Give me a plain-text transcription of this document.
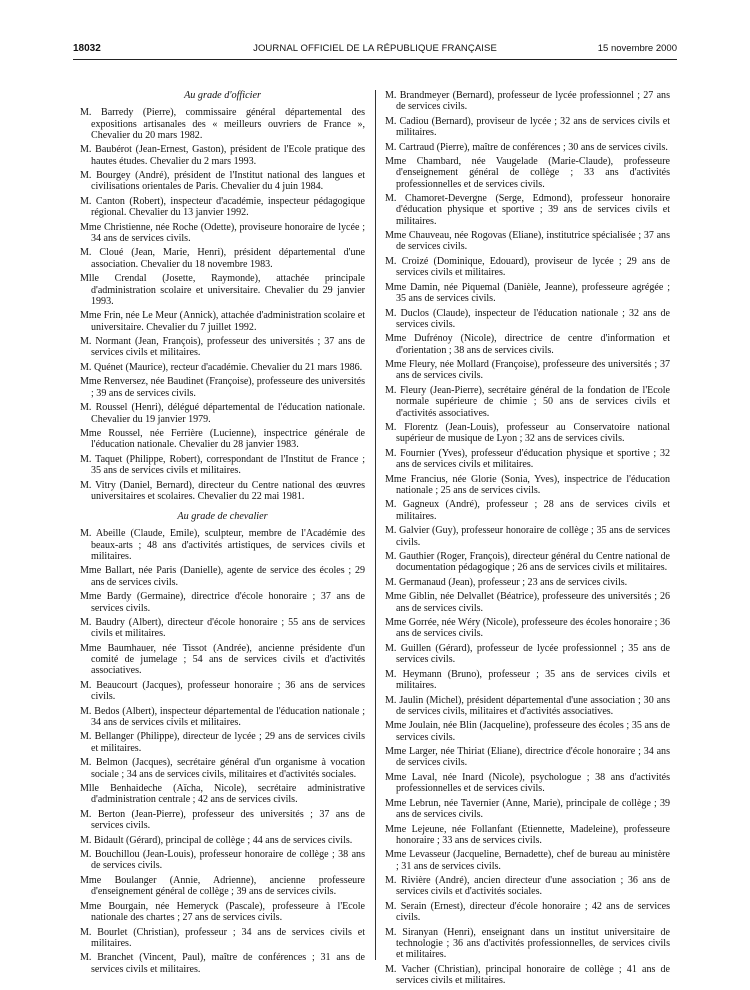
18032	JOURNAL OFFICIEL DE LA RÉPUBLIQUE FRANÇAISE	15 novembre 2000
Au grade d'officier

M. Barredy (Pierre), commissaire général départemental des expositions artisanales des « meilleurs ouvriers de France », Chevalier du 20 mars 1982.

M. Baubérot (Jean-Ernest, Gaston), président de l'Ecole pratique des hautes études. Chevalier du 2 mars 1993.

M. Bourgey (André), président de l'Institut national des langues et civilisations orientales de Paris. Chevalier du 4 juin 1984.

M. Canton (Robert), inspecteur d'académie, inspecteur pédagogique régional. Chevalier du 13 janvier 1992.

Mme Christienne, née Roche (Odette), proviseure honoraire de lycée ; 34 ans de services civils.

M. Cloué (Jean, Marie, Henri), président départemental d'une association. Chevalier du 18 novembre 1983.

Mlle Crendal (Josette, Raymonde), attachée principale d'administration scolaire et universitaire. Chevalier du 29 janvier 1993.

Mme Frin, née Le Meur (Annick), attachée d'administration scolaire et universitaire. Chevalier du 7 juillet 1992.

M. Normant (Jean, François), professeur des universités ; 37 ans de services civils et militaires.

M. Quénet (Maurice), recteur d'académie. Chevalier du 21 mars 1986.

Mme Renversez, née Baudinet (Françoise), professeure des universités ; 39 ans de services civils.

M. Roussel (Henri), délégué départemental de l'éducation nationale. Chevalier du 19 janvier 1979.

Mme Roussel, née Ferrière (Lucienne), inspectrice générale de l'éducation nationale. Chevalier du 28 janvier 1983.

M. Taquet (Philippe, Robert), correspondant de l'Institut de France ; 35 ans de services civils et militaires.

M. Vitry (Daniel, Bernard), directeur du Centre national des œuvres universitaires et scolaires. Chevalier du 22 mai 1981.

Au grade de chevalier

M. Abeille (Claude, Emile), sculpteur, membre de l'Académie des beaux-arts ; 48 ans d'activités artistiques, de services civils et militaires.

Mme Ballart, née Paris (Danielle), agente de service des écoles ; 29 ans de services civils.

Mme Bardy (Germaine), directrice d'école honoraire ; 37 ans de services civils.

M. Baudry (Albert), directeur d'école honoraire ; 55 ans de services civils et militaires.

Mme Baumhauer, née Tissot (Andrée), ancienne présidente d'un comité de jumelage ; 54 ans de services civils et d'activités associatives.

M. Beaucourt (Jacques), professeur honoraire ; 36 ans de services civils.

M. Bedos (Albert), inspecteur départemental de l'éducation nationale ; 34 ans de services civils et militaires.

M. Bellanger (Philippe), directeur de lycée ; 29 ans de services civils et militaires.

M. Belmon (Jacques), secrétaire général d'un organisme à vocation sociale ; 34 ans de services civils, militaires et d'activités sociales.

Mlle Benhaideche (Aïcha, Nicole), secrétaire administrative d'administration centrale ; 42 ans de services civils.

M. Berton (Jean-Pierre), professeur des universités ; 37 ans de services civils.

M. Bidault (Gérard), principal de collège ; 44 ans de services civils.

M. Bouchillou (Jean-Louis), professeur honoraire de collège ; 38 ans de services civils.

Mme Boulanger (Annie, Adrienne), ancienne professeure d'enseignement général de collège ; 39 ans de services civils.

Mme Bourgain, née Hemeryck (Pascale), professeure à l'Ecole nationale des chartes ; 27 ans de services civils.

M. Bourlet (Christian), professeur ; 34 ans de services civils et militaires.

M. Branchet (Vincent, Paul), maître de conférences ; 31 ans de services civils et militaires.

M. Brandmeyer (Bernard), professeur de lycée professionnel ; 27 ans de services civils.

M. Cadiou (Bernard), proviseur de lycée ; 32 ans de services civils et militaires.

M. Cartraud (Pierre), maître de conférences ; 30 ans de services civils.

Mme Chambard, née Vaugelade (Marie-Claude), professeure d'enseignement général de collège ; 33 ans d'activités professionnelles et de services civils.

M. Chamoret-Devergne (Serge, Edmond), professeur honoraire d'éducation physique et sportive ; 39 ans de services civils et militaires.

Mme Chauveau, née Rogovas (Eliane), institutrice spécialisée ; 37 ans de services civils.

M. Croizé (Dominique, Edouard), proviseur de lycée ; 29 ans de services civils et militaires.

Mme Damin, née Piquemal (Danièle, Jeanne), professeure agrégée ; 35 ans de services civils.

M. Duclos (Claude), inspecteur de l'éducation nationale ; 32 ans de services civils.

Mme Dufrénoy (Nicole), directrice de centre d'information et d'orientation ; 38 ans de services civils.

Mme Fleury, née Mollard (Françoise), professeure des universités ; 37 ans de services civils.

M. Fleury (Jean-Pierre), secrétaire général de la fondation de l'Ecole normale supérieure de chimie ; 50 ans de services civils et d'activités associatives.

M. Florentz (Jean-Louis), professeur au Conservatoire national supérieur de musique de Lyon ; 32 ans de services civils.

M. Fournier (Yves), professeur d'éducation physique et sportive ; 32 ans de services civils et militaires.

Mme Francius, née Glorie (Sonia, Yves), inspectrice de l'éducation nationale ; 25 ans de services civils.

M. Gagneux (André), professeur ; 28 ans de services civils et militaires.

M. Galvier (Guy), professeur honoraire de collège ; 35 ans de services civils.

M. Gauthier (Roger, François), directeur général du Centre national de documentation pédagogique ; 26 ans de services civils et militaires.

M. Germanaud (Jean), professeur ; 23 ans de services civils.

Mme Giblin, née Delvallet (Béatrice), professeure des universités ; 26 ans de services civils.

Mme Gorrée, née Wéry (Nicole), professeure des écoles honoraire ; 36 ans de services civils.

M. Guillen (Gérard), professeur de lycée professionnel ; 35 ans de services civils.

M. Heymann (Bruno), professeur ; 35 ans de services civils et militaires.

M. Jaulin (Michel), président départemental d'une association ; 30 ans de services civils, militaires et d'activités associatives.

Mme Joulain, née Blin (Jacqueline), professeure des écoles ; 35 ans de services civils.

Mme Larger, née Thiriat (Eliane), directrice d'école honoraire ; 34 ans de services civils.

Mme Laval, née Inard (Nicole), psychologue ; 38 ans d'activités professionnelles et de services civils.

Mme Lebrun, née Tavernier (Anne, Marie), principale de collège ; 39 ans de services civils.

Mme Lejeune, née Follanfant (Etiennette, Madeleine), professeure honoraire ; 33 ans de services civils.

Mme Levasseur (Jacqueline, Bernadette), chef de bureau au ministère ; 31 ans de services civils.

M. Rivière (André), ancien directeur d'une association ; 36 ans de services civils et d'activités sociales.

M. Serain (Ernest), directeur d'école honoraire ; 42 ans de services civils.

M. Siranyan (Henri), enseignant dans un institut universitaire de technologie ; 36 ans d'activités professionnelles, de services civils et militaires.

M. Vacher (Christian), principal honoraire de collège ; 41 ans de services civils et militaires.
